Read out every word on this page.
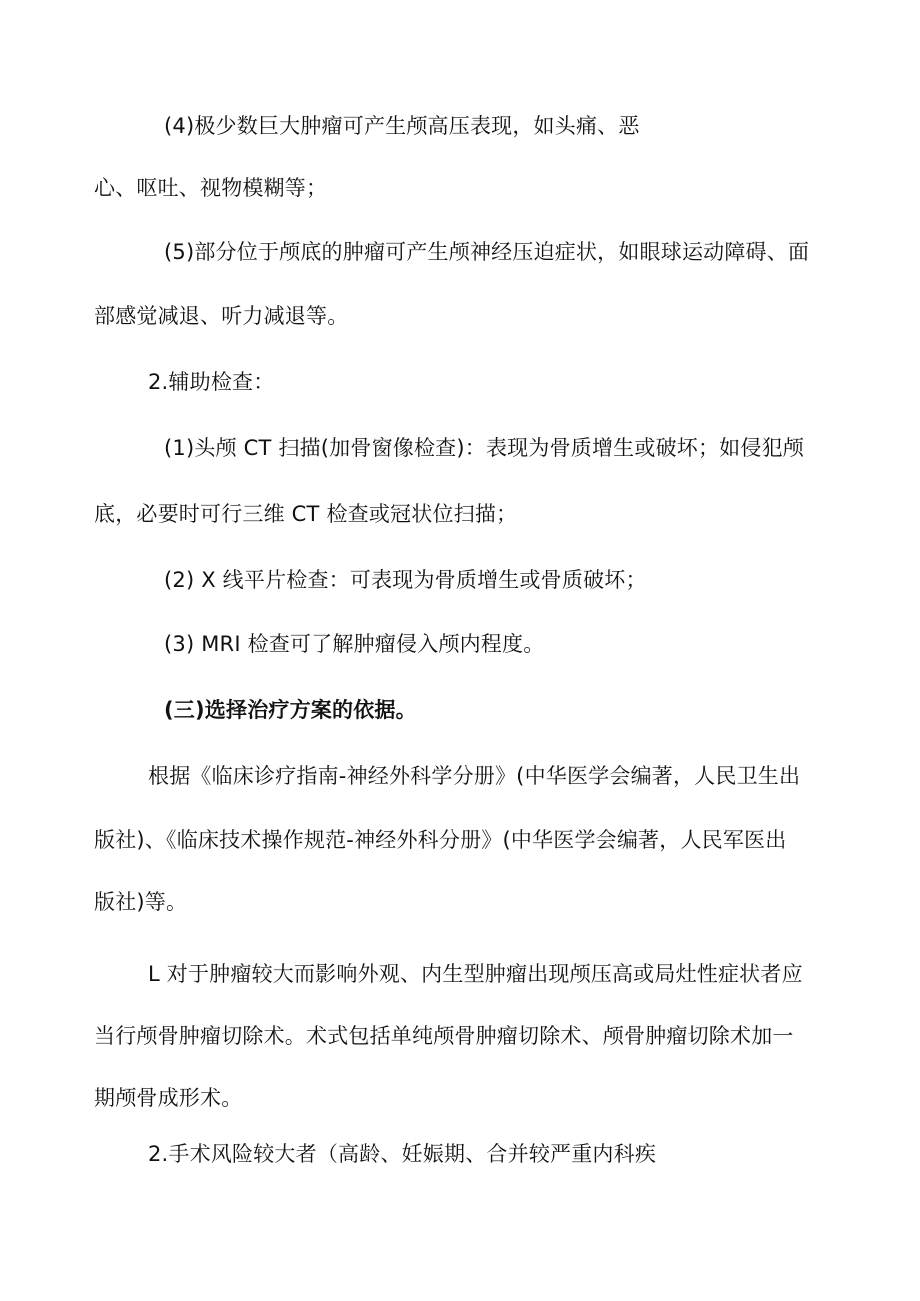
(4)极少数巨大肿瘤可产生颅高压表现，如头痛、恶
心、呕吐、视物模糊等；
(5)部分位于颅底的肿瘤可产生颅神经压迫症状，如眼球运动障碍、面
部感觉减退、听力减退等。
2.辅助检查：
(1)头颅 CT 扫描(加骨窗像检查)：表现为骨质增生或破坏；如侵犯颅
底，必要时可行三维 CT 检查或冠状位扫描；
(2) X 线平片检查：可表现为骨质增生或骨质破坏；
(3) MRI 检查可了解肿瘤侵入颅内程度。
(三)选择治疗方案的依据。
根据《临床诊疗指南-神经外科学分册》(中华医学会编著，人民卫生出
版社)、《临床技术操作规范-神经外科分册》(中华医学会编著，人民军医出
版社)等。
L 对于肿瘤较大而影响外观、内生型肿瘤出现颅压高或局灶性症状者应
当行颅骨肿瘤切除术。术式包括单纯颅骨肿瘤切除术、颅骨肿瘤切除术加一
期颅骨成形术。
2.手术风险较大者（高龄、妊娠期、合并较严重内科疾
